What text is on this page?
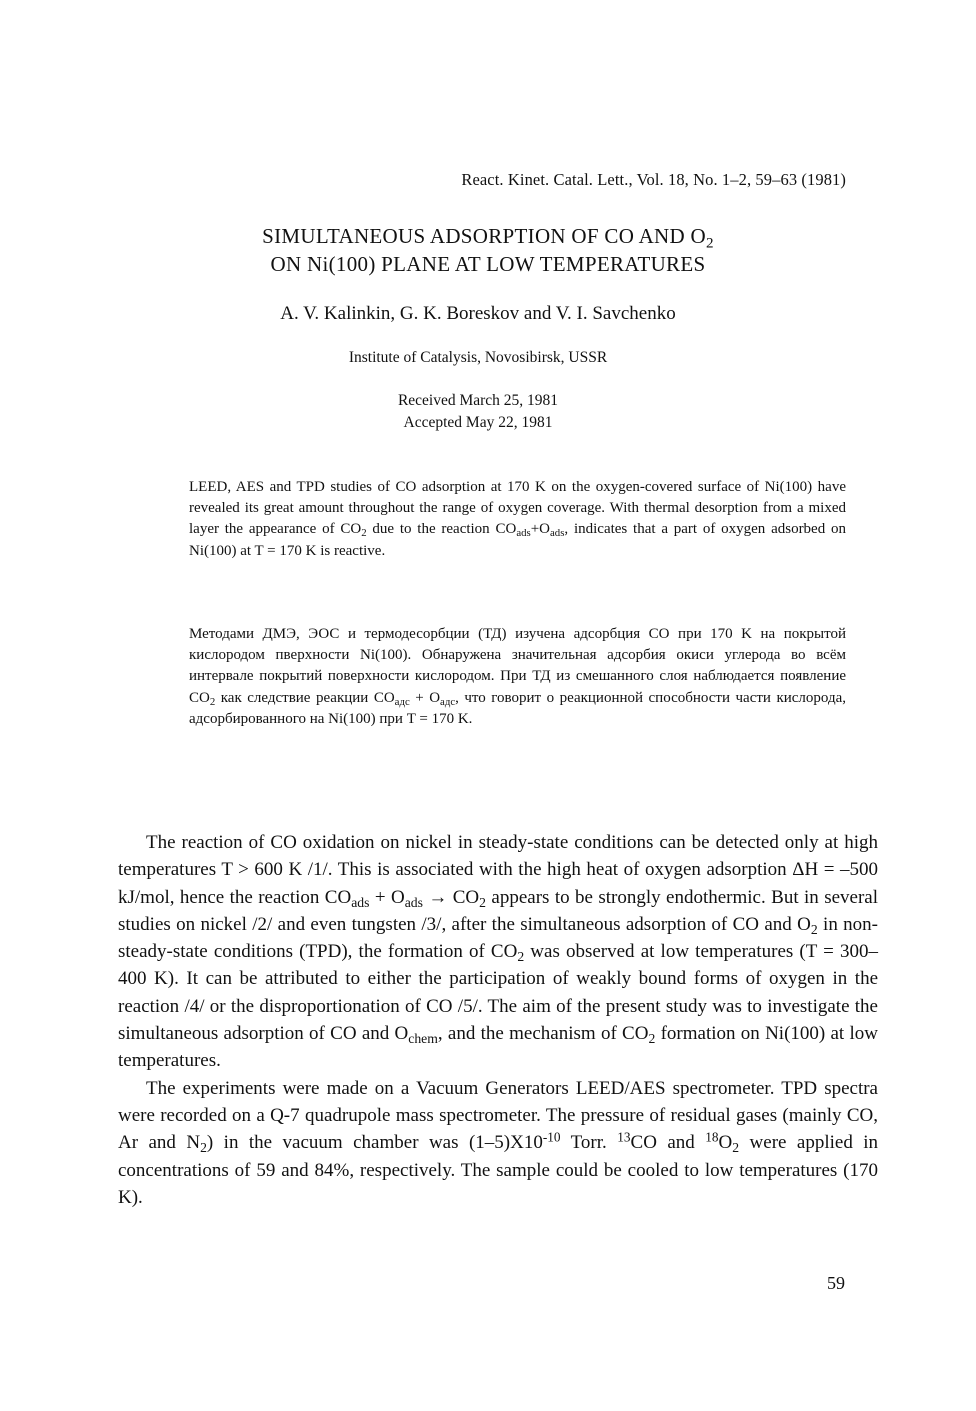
React. Kinet. Catal. Lett., Vol. 18, No. 1–2, 59–63 (1981)
SIMULTANEOUS ADSORPTION OF CO AND $O_2$
ON Ni(100) PLANE AT LOW TEMPERATURES
A. V. Kalinkin, G. K. Boreskov and V. I. Savchenko
Institute of Catalysis, Novosibirsk, USSR
Received March 25, 1981
Accepted May 22, 1981

LEED, AES and TPD studies of CO adsorption at 170 K on the oxygen-covered surface of Ni(100) have revealed its great amount throughout the range of oxygen coverage. With thermal desorption from a mixed layer the appearance of $CO_2$ due to the reaction $CO_{ads}+O_{ads}$, indicates that a part of oxygen adsorbed on Ni(100) at T = 170 K is reactive.

Методами ДМЭ, ЭОС и термодесорбции (ТД) изучена адсорбция CO при 170 K на покрытой кислородом пверхности Ni(100). Обнаружена значительная адсорбия окиси углерода во всём интервале покрытий поверхности кислородом. При ТД из смешанного слоя наблюдается появление $CO_2$ как следствие реакции $CO_{адс} + O_{адс}$, что говорит о реакционной способности части кислорода, адсорбированного на Ni(100) при T = 170 K.

The reaction of CO oxidation on nickel in steady-state conditions can be detected only at high temperatures T > 600 K /1/. This is associated with the high heat of oxygen adsorption ΔH = –500 kJ/mol, hence the reaction $CO_{ads} + O_{ads} \to CO_2$ appears to be strongly endothermic. But in several studies on nickel /2/ and even tungsten /3/, after the simultaneous adsorption of CO and $O_2$ in non-steady-state conditions (TPD), the formation of $CO_2$ was observed at low temperatures (T = 300–400 K). It can be attributed to either the participation of weakly bound forms of oxygen in the reaction /4/ or the disproportionation of CO /5/. The aim of the present study was to investigate the simultaneous adsorption of CO and $O_{chem}$, and the mechanism of $CO_2$ formation on Ni(100) at low temperatures.

The experiments were made on a Vacuum Generators LEED/AES spectrometer. TPD spectra were recorded on a Q-7 quadrupole mass spectrometer. The pressure of residual gases (mainly CO, Ar and $N_2$) in the vacuum chamber was $(1-5)X10^{-10}$ Torr. $^{13}$CO and $^{18}O_2$ were applied in concentrations of 59 and 84%, respectively. The sample could be cooled to low temperatures (170 K).

59
